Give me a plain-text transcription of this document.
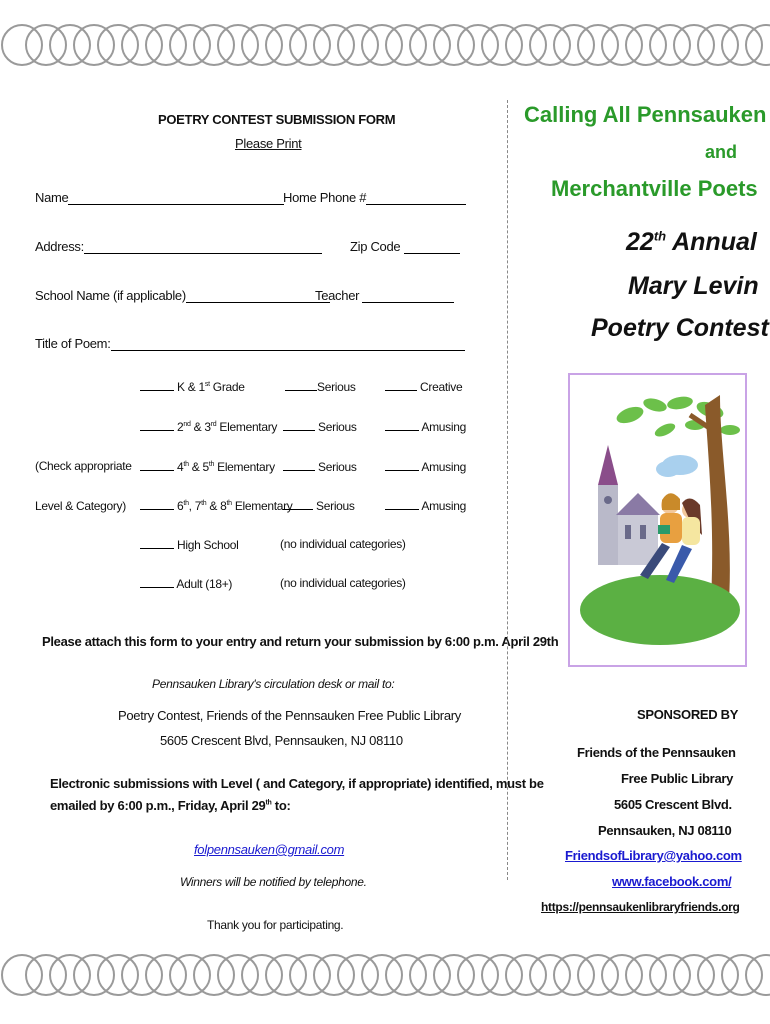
POETRY CONTEST SUBMISSION FORM
Please Print
Name	Home Phone #
Address:	Zip Code
School Name (if applicable)	Teacher
Title of Poem:
(Check appropriate
Level & Category)
K & 1st Grade	Serious	Creative
2nd & 3rd Elementary	Serious	Amusing
4th & 5th Elementary	Serious	Amusing
6th, 7th & 8th Elementary	Serious	Amusing
High School	(no individual categories)
Adult (18+)	(no individual categories)
Please attach this form to your entry and return your submission by 6:00 p.m. April 29th
Pennsauken Library's circulation desk or mail to:
Poetry Contest, Friends of the Pennsauken Free Public Library
5605 Crescent Blvd, Pennsauken, NJ 08110
Electronic submissions with Level ( and Category, if appropriate) identified, must be
emailed by 6:00 p.m., Friday, April 29th to:
folpennsauken@gmail.com
Winners will be notified by telephone.
Thank you for participating.
Calling All Pennsauken
and
Merchantville Poets
22th Annual
Mary Levin
Poetry Contest
SPONSORED BY
Friends of the Pennsauken
Free Public Library
5605 Crescent Blvd.
Pennsauken, NJ 08110
FriendsofLibrary@yahoo.com
www.facebook.com/
https://pennsaukenlibraryfriends.org
